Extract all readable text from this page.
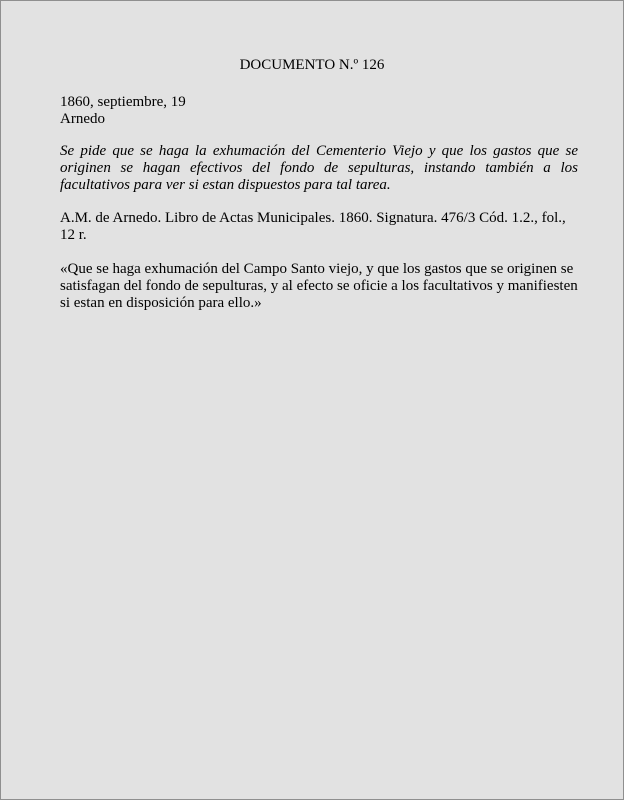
DOCUMENTO N.º 126
1860, septiembre, 19
Arnedo

Se pide que se haga la exhumación del Cementerio Viejo y que los gastos que se originen se hagan efectivos del fondo de sepulturas, instando también a los facultativos para ver si estan dispuestos para tal tarea.

A.M. de Arnedo. Libro de Actas Municipales. 1860. Signatura. 476/3 Cód. 1.2., fol., 12 r.

«Que se haga exhumación del Campo Santo viejo, y que los gastos que se originen se satisfagan del fondo de sepulturas, y al efecto se oficie a los facultativos y manifiesten si estan en disposición para ello.»
